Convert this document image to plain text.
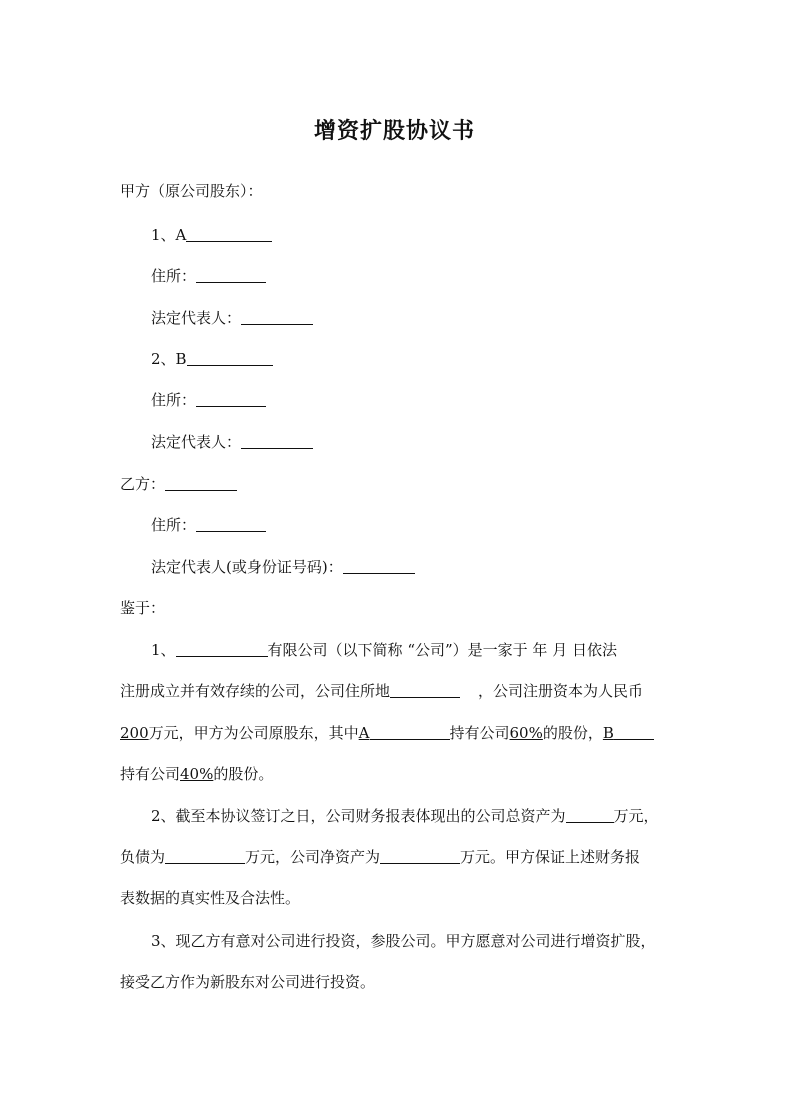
增资扩股协议书
甲方（原公司股东）：
1、A
住所：
法定代表人：
2、B
住所：
法定代表人：
乙方：
住所：
法定代表人(或身份证号码)：
鉴于：
1、	有限公司（以下简称 “公司”）是一家于 年 月 日依法
注册成立并有效存续的公司，公司住所地	，公司注册资本为人民币
200万元，甲方为公司原股东，其中A	持有公司60%的股份，B
持有公司40%的股份。
2、截至本协议签订之日，公司财务报表体现出的公司总资产为	万元，
负债为	万元，公司净资产为	万元。甲方保证上述财务报
表数据的真实性及合法性。
3、现乙方有意对公司进行投资，参股公司。甲方愿意对公司进行增资扩股，
接受乙方作为新股东对公司进行投资。
